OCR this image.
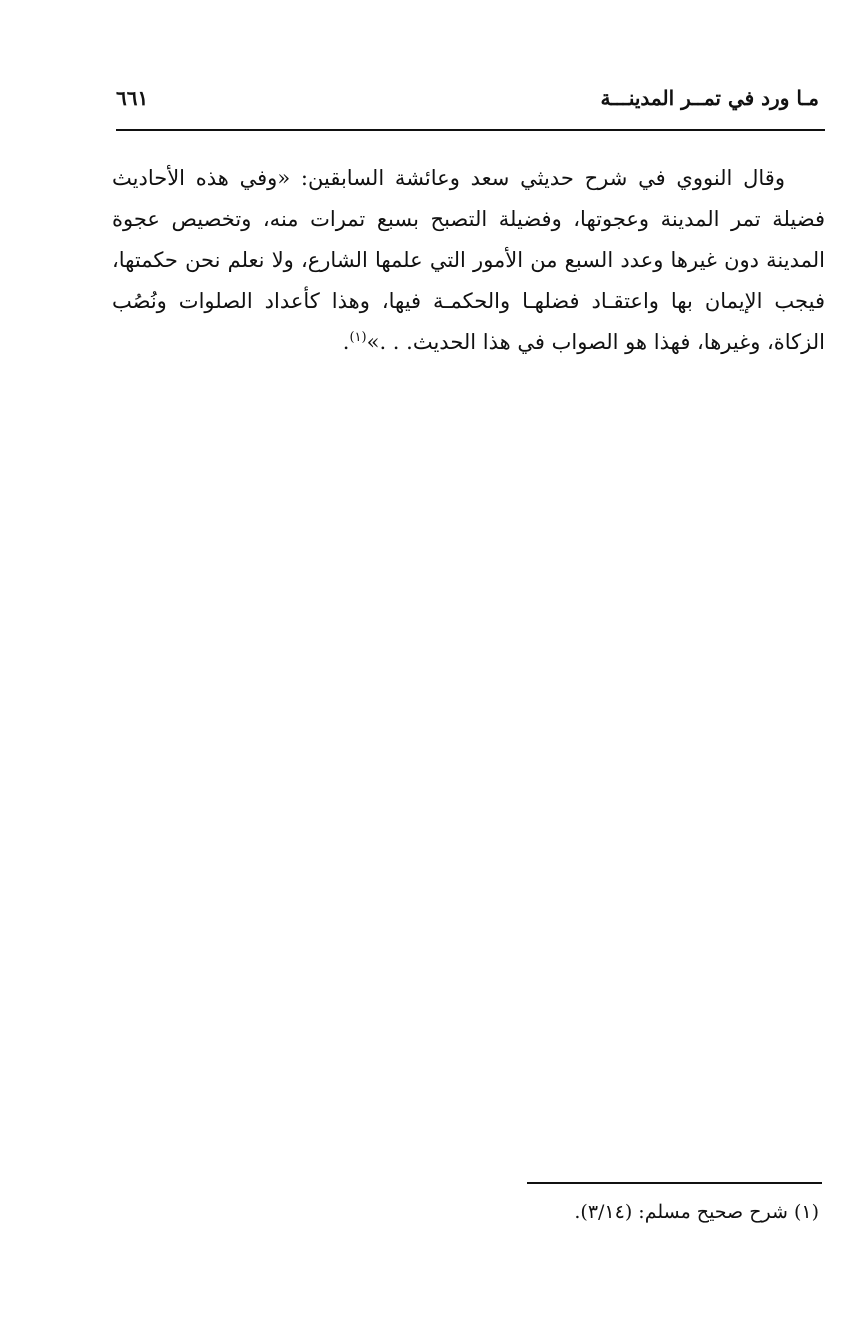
مـا ورد في تمــر المدينـــة
٦٦١

وقال النووي في شرح حديثي سعد وعائشة السابقين: «وفي هذه الأحاديث فضيلة تمر المدينة وعجوتها، وفضيلة التصبح بسبع تمرات منه، وتخصيص عجوة المدينة دون غيرها وعدد السبع من الأمور التي علمها الشارع، ولا نعلم نحن حكمتها، فيجب الإيمان بها واعتقـاد فضلهـا والحكمـة فيها، وهذا كأعداد الصلوات ونُصُب الزكاة، وغيرها، فهذا هو الصواب في هذا الحديث. . .»$^{(١)}$.

(١) شرح صحيح مسلم: (٣/١٤).
